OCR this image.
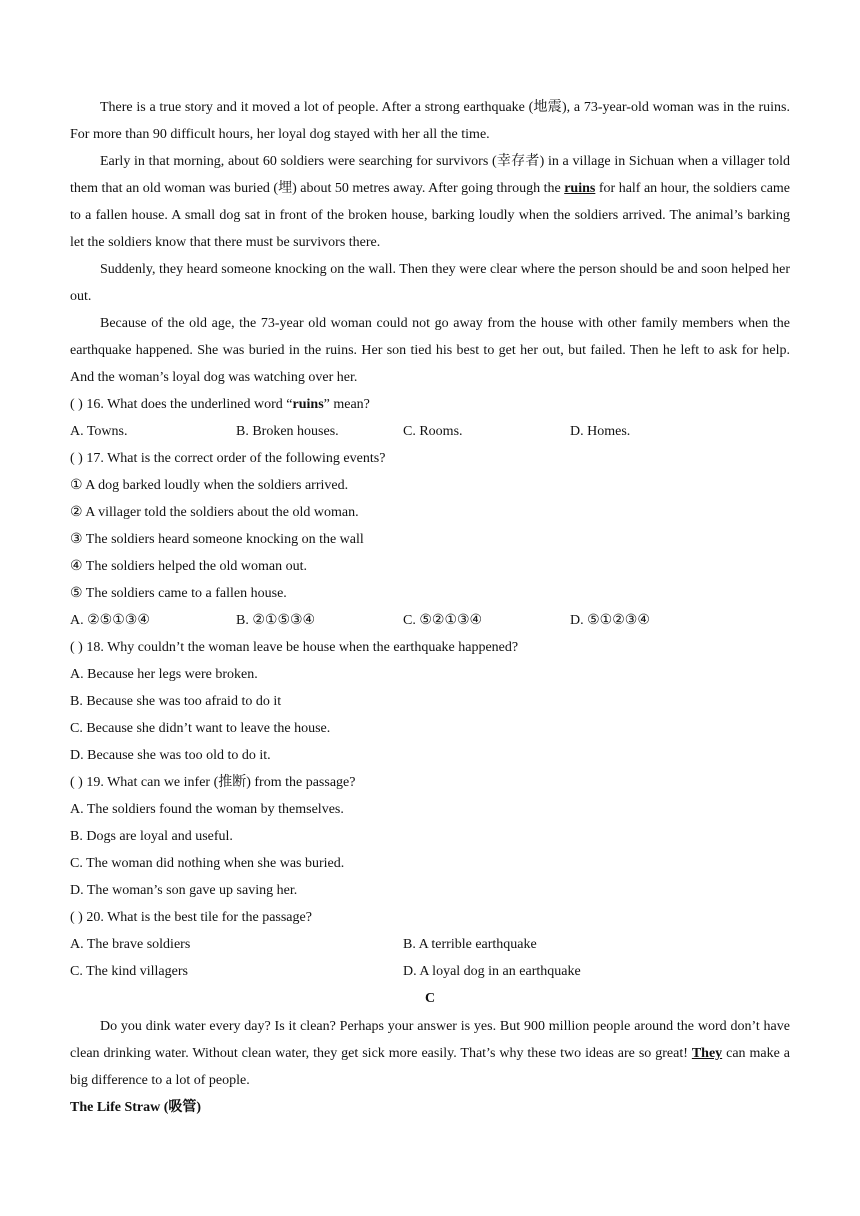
There is a true story and it moved a lot of people. After a strong earthquake (地震), a 73-year-old woman was in the ruins. For more than 90 difficult hours, her loyal dog stayed with her all the time.

Early in that morning, about 60 soldiers were searching for survivors (幸存者) in a village in Sichuan when a villager told them that an old woman was buried (埋) about 50 metres away. After going through the ruins for half an hour, the soldiers came to a fallen house. A small dog sat in front of the broken house, barking loudly when the soldiers arrived. The animal’s barking let the soldiers know that there must be survivors there.

Suddenly, they heard someone knocking on the wall. Then they were clear where the person should be and soon helped her out.

Because of the old age, the 73-year old woman could not go away from the house with other family members when the earthquake happened. She was buried in the ruins. Her son tied his best to get her out, but failed. Then he left to ask for help. And the woman’s loyal dog was watching over her.

( ) 16. What does the underlined word “ruins” mean?

A. Towns.	B. Broken houses.	C. Rooms.	D. Homes.

( ) 17. What is the correct order of the following events?

① A dog barked loudly when the soldiers arrived.

② A villager told the soldiers about the old woman.

③ The soldiers heard someone knocking on the wall

④ The soldiers helped the old woman out.

⑤ The soldiers came to a fallen house.

A. ②⑤①③④	B. ②①⑤③④	C. ⑤②①③④	D. ⑤①②③④

( ) 18. Why couldn’t the woman leave be house when the earthquake happened?

A. Because her legs were broken.

B. Because she was too afraid to do it

C. Because she didn’t want to leave the house.

D. Because she was too old to do it.

( ) 19. What can we infer (推断) from the passage?

A. The soldiers found the woman by themselves.

B. Dogs are loyal and useful.

C. The woman did nothing when she was buried.

D. The woman’s son gave up saving her.

( ) 20. What is the best tile for the passage?

A. The brave soldiers	B. A terrible earthquake
C. The kind villagers	D. A loyal dog in an earthquake
C

Do you dink water every day? Is it clean? Perhaps your answer is yes. But 900 million people around the word don’t have clean drinking water. Without clean water, they get sick more easily. That’s why these two ideas are so great! They can make a big difference to a lot of people.

The Life Straw (吸管)
